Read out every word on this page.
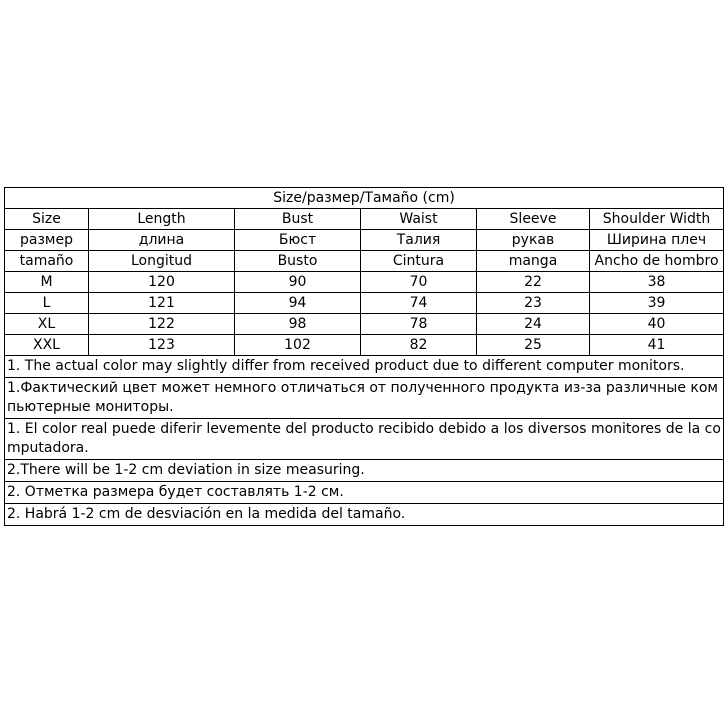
Size/размер/Тамаño (cm)					
Size	Length	Bust	Waist	Sleeve	Shoulder Width
размер	длина	Бюст	Талия	рукав	Ширина плеч
tamaño	Longitud	Busto	Cintura	manga	Ancho de hombro
M	120	90	70	22	38
L	121	94	74	23	39
XL	122	98	78	24	40
XXL	123	102	82	25	41
1. The actual color may slightly differ from received product due to different computer monitors.					
1.Фактический цвет может немного отличаться от полученного продукта из-за различные компьютерные мониторы.					
1. El color real puede diferir levemente del producto recibido debido a los diversos monitores de la computadora.					
2.There will be 1-2 cm deviation in size measuring.					
2. Отметка размера будет составлять 1-2 см.					
2. Habrá 1-2 cm de desviación en la medida del tamaño.					
